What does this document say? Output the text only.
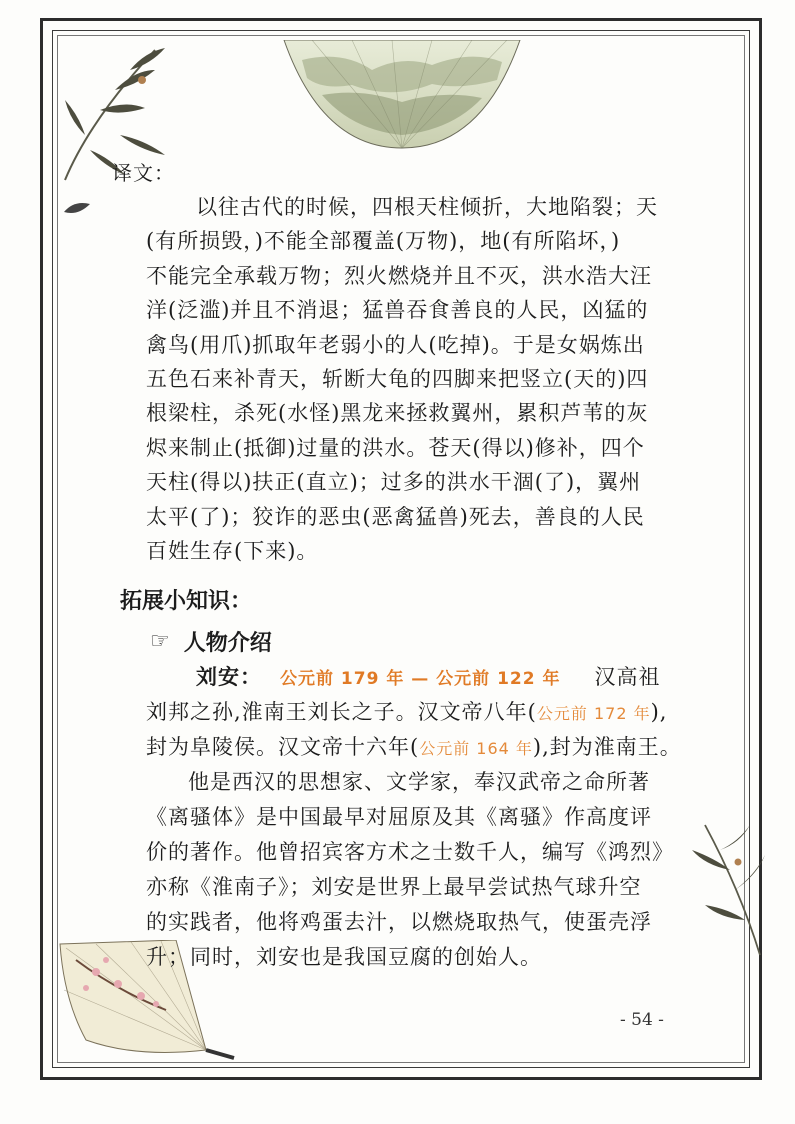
译文：
以往古代的时候，四根天柱倾折，大地陷裂；天
(有所损毁，)不能全部覆盖(万物)，地(有所陷坏，)
不能完全承载万物；烈火燃烧并且不灭，洪水浩大汪
洋(泛滥)并且不消退；猛兽吞食善良的人民，凶猛的
禽鸟(用爪)抓取年老弱小的人(吃掉)。于是女娲炼出
五色石来补青天，斩断大龟的四脚来把竖立(天的)四
根梁柱，杀死(水怪)黑龙来拯救翼州，累积芦苇的灰
烬来制止(抵御)过量的洪水。苍天(得以)修补，四个
天柱(得以)扶正(直立)；过多的洪水干涸(了)，翼州
太平(了)；狡诈的恶虫(恶禽猛兽)死去，善良的人民
百姓生存(下来)。
拓展小知识：
☞ 人物介绍
刘安： 公元前 179 年 — 公元前 122 年 汉高祖
刘邦之孙,淮南王刘长之子。汉文帝八年(公元前 172 年),
封为阜陵侯。汉文帝十六年(公元前 164 年),封为淮南王。
他是西汉的思想家、文学家，奉汉武帝之命所著
《离骚体》是中国最早对屈原及其《离骚》作高度评
价的著作。他曾招宾客方术之士数千人，编写《鸿烈》
亦称《淮南子》；刘安是世界上最早尝试热气球升空
的实践者，他将鸡蛋去汁，以燃烧取热气，使蛋壳浮
升；同时，刘安也是我国豆腐的创始人。
- 54 -
